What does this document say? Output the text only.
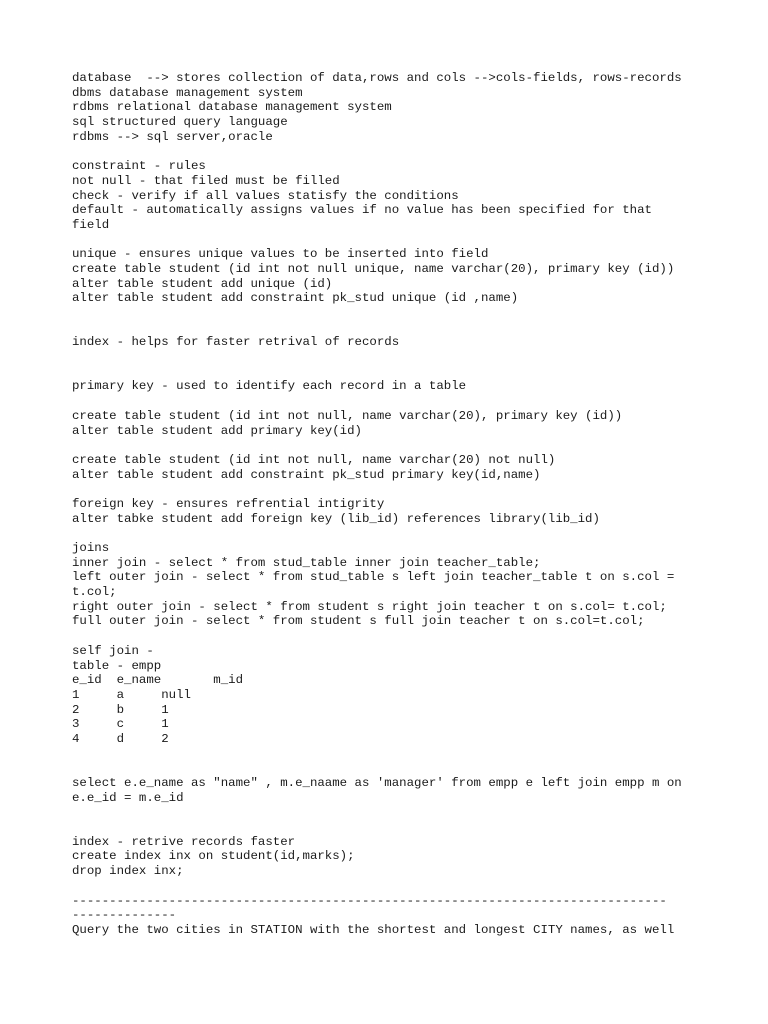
database  --> stores collection of data,rows and cols -->cols-fields, rows-records
dbms database management system
rdbms relational database management system
sql structured query language
rdbms --> sql server,oracle
constraint - rules
not null - that filed must be filled
check - verify if all values statisfy the conditions
default - automatically assigns values if no value has been specified for that
field
unique - ensures unique values to be inserted into field
create table student (id int not null unique, name varchar(20), primary key (id))
alter table student add unique (id)
alter table student add constraint pk_stud unique (id ,name)
index - helps for faster retrival of records
primary key - used to identify each record in a table
create table student (id int not null, name varchar(20), primary key (id))
alter table student add primary key(id)
create table student (id int not null, name varchar(20) not null)
alter table student add constraint pk_stud primary key(id,name)
foreign key - ensures refrential intigrity
alter tabke student add foreign key (lib_id) references library(lib_id)
joins
inner join - select * from stud_table inner join teacher_table;
left outer join - select * from stud_table s left join teacher_table t on s.col =
t.col;
right outer join - select * from student s right join teacher t on s.col= t.col;
full outer join - select * from student s full join teacher t on s.col=t.col;
self join -
table - empp
e_id  e_name       m_id
1     a     null
2     b     1
3     c     1
4     d     2
select e.e_name as "name" , m.e_naame as 'manager' from empp e left join empp m on
e.e_id = m.e_id
index - retrive records faster
create index inx on student(id,marks);
drop index inx;
--------------------------------------------------------------------------------
--------------
Query the two cities in STATION with the shortest and longest CITY names, as well
